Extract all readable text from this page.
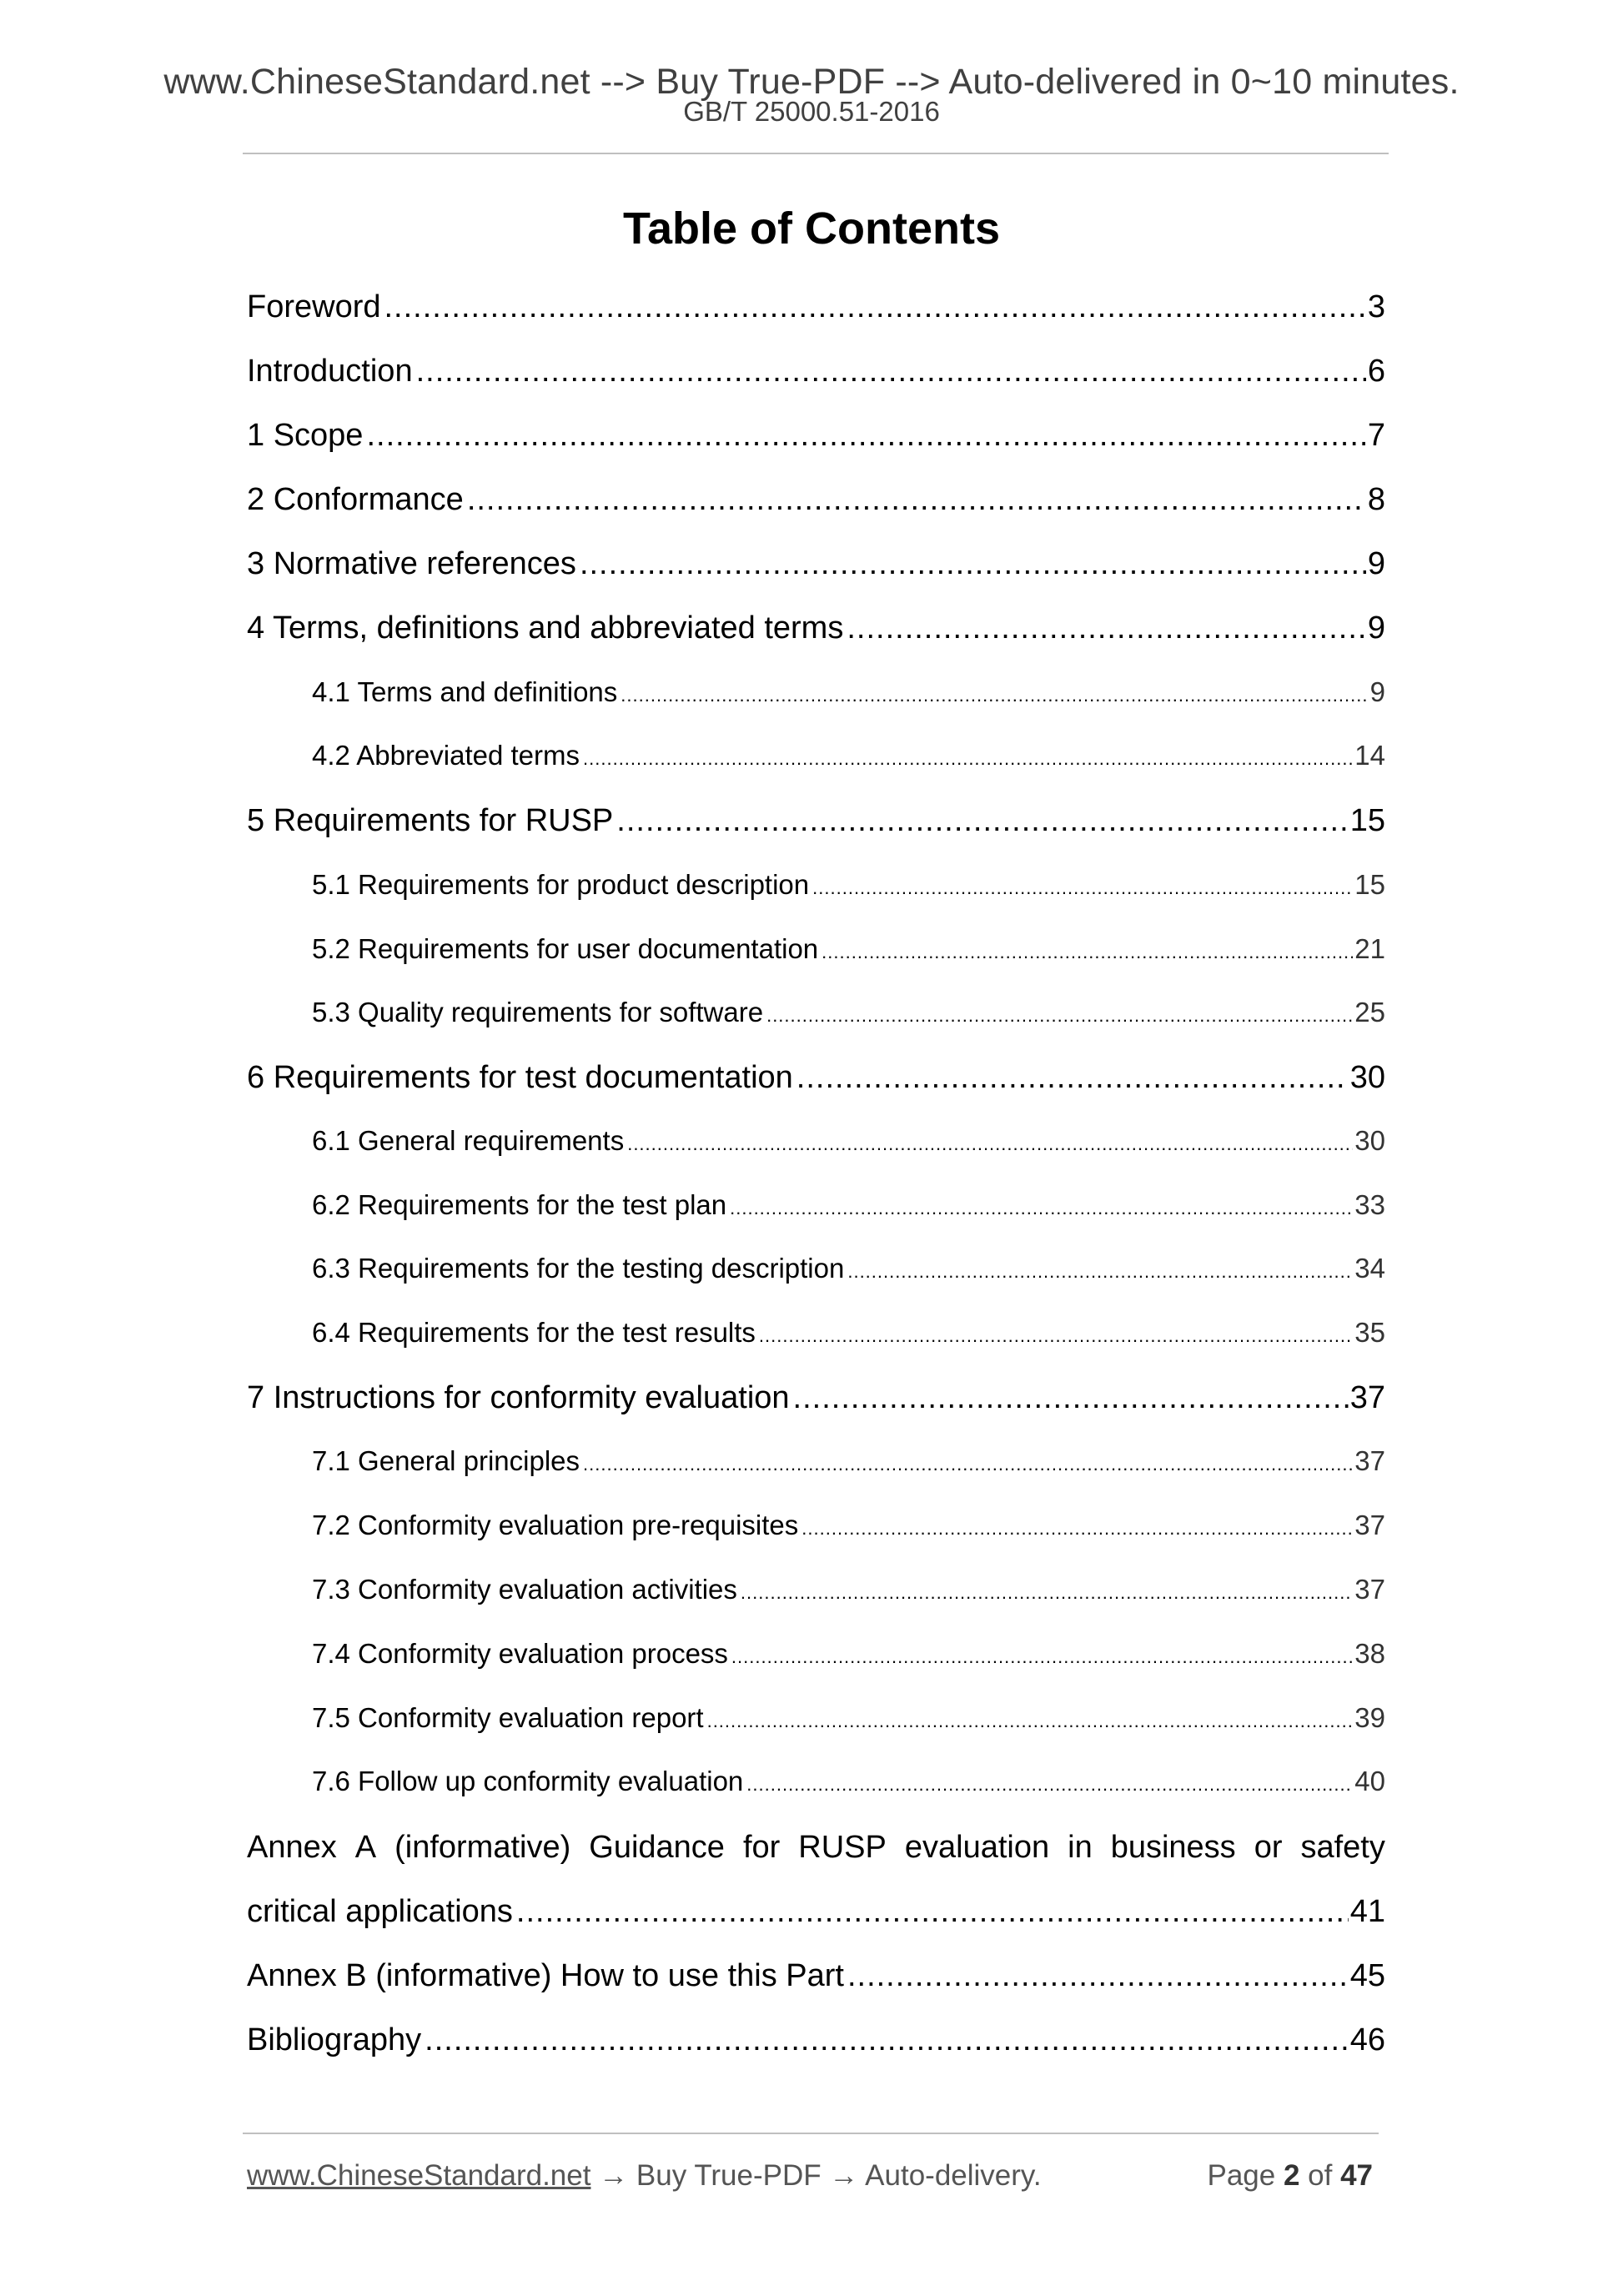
www.ChineseStandard.net --> Buy True-PDF --> Auto-delivered in 0~10 minutes.
GB/T 25000.51-2016
Table of Contents
Foreword .....	3
Introduction .....	6
1 Scope .....	7
2 Conformance .....	8
3 Normative references .....	9
4 Terms, definitions and abbreviated terms .....	9
4.1 Terms and definitions .....	9
4.2 Abbreviated terms .....	14
5 Requirements for RUSP .....	15
5.1 Requirements for product description .....	15
5.2 Requirements for user documentation .....	21
5.3 Quality requirements for software .....	25
6 Requirements for test documentation .....	30
6.1 General requirements .....	30
6.2 Requirements for the test plan .....	33
6.3 Requirements for the testing description .....	34
6.4 Requirements for the test results .....	35
7 Instructions for conformity evaluation .....	37
7.1 General principles .....	37
7.2 Conformity evaluation pre-requisites .....	37
7.3 Conformity evaluation activities .....	37
7.4 Conformity evaluation process .....	38
7.5 Conformity evaluation report .....	39
7.6 Follow up conformity evaluation .....	40
Annex A (informative) Guidance for RUSP evaluation in business or safety
critical applications .....	41
Annex B (informative) How to use this Part .....	45
Bibliography .....	46
www.ChineseStandard.net → Buy True-PDF → Auto-delivery.	Page 2 of 47
